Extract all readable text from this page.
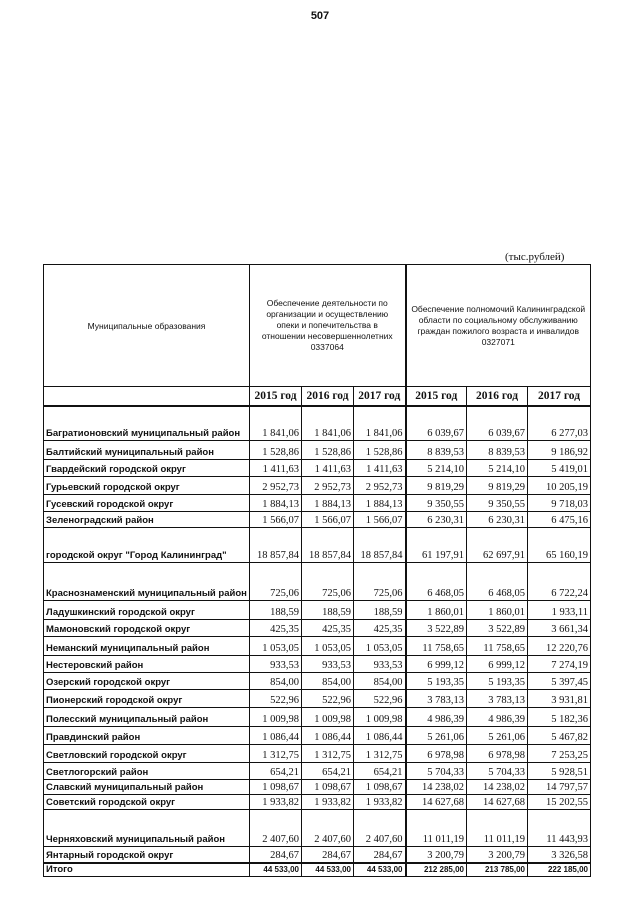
507
(тыс.рублей)
Муниципальные образования	Обеспечение деятельности по организации и осуществлению опеки и попечительства в отношении несовершеннолетних 0337064			Обеспечение полномочий Калининградской области по социальному обслуживанию граждан пожилого возраста и инвалидов 0327071		
	2015 год	2016 год	2017 год	2015 год	2016 год	2017 год
Багратионовский муниципальный район	1 841,06	1 841,06	1 841,06	6 039,67	6 039,67	6 277,03
Балтийский муниципальный район	1 528,86	1 528,86	1 528,86	8 839,53	8 839,53	9 186,92
Гвардейский городской округ	1 411,63	1 411,63	1 411,63	5 214,10	5 214,10	5 419,01
Гурьевский городской округ	2 952,73	2 952,73	2 952,73	9 819,29	9 819,29	10 205,19
Гусевский городской округ	1 884,13	1 884,13	1 884,13	9 350,55	9 350,55	9 718,03
Зеленоградский район	1 566,07	1 566,07	1 566,07	6 230,31	6 230,31	6 475,16
городской округ "Город Калининград"	18 857,84	18 857,84	18 857,84	61 197,91	62 697,91	65 160,19
Краснознаменский муниципальный район	725,06	725,06	725,06	6 468,05	6 468,05	6 722,24
Ладушкинский городской округ	188,59	188,59	188,59	1 860,01	1 860,01	1 933,11
Мамоновский городской округ	425,35	425,35	425,35	3 522,89	3 522,89	3 661,34
Неманский муниципальный район	1 053,05	1 053,05	1 053,05	11 758,65	11 758,65	12 220,76
Нестеровский район	933,53	933,53	933,53	6 999,12	6 999,12	7 274,19
Озерский городской округ	854,00	854,00	854,00	5 193,35	5 193,35	5 397,45
Пионерский городской округ	522,96	522,96	522,96	3 783,13	3 783,13	3 931,81
Полесский муниципальный район	1 009,98	1 009,98	1 009,98	4 986,39	4 986,39	5 182,36
Правдинский район	1 086,44	1 086,44	1 086,44	5 261,06	5 261,06	5 467,82
Светловский городской округ	1 312,75	1 312,75	1 312,75	6 978,98	6 978,98	7 253,25
Светлогорский район	654,21	654,21	654,21	5 704,33	5 704,33	5 928,51
Славский муниципальный район	1 098,67	1 098,67	1 098,67	14 238,02	14 238,02	14 797,57
Советский городской округ	1 933,82	1 933,82	1 933,82	14 627,68	14 627,68	15 202,55
Черняховский муниципальный район	2 407,60	2 407,60	2 407,60	11 011,19	11 011,19	11 443,93
Янтарный городской округ	284,67	284,67	284,67	3 200,79	3 200,79	3 326,58
Итого	44 533,00	44 533,00	44 533,00	212 285,00	213 785,00	222 185,00
